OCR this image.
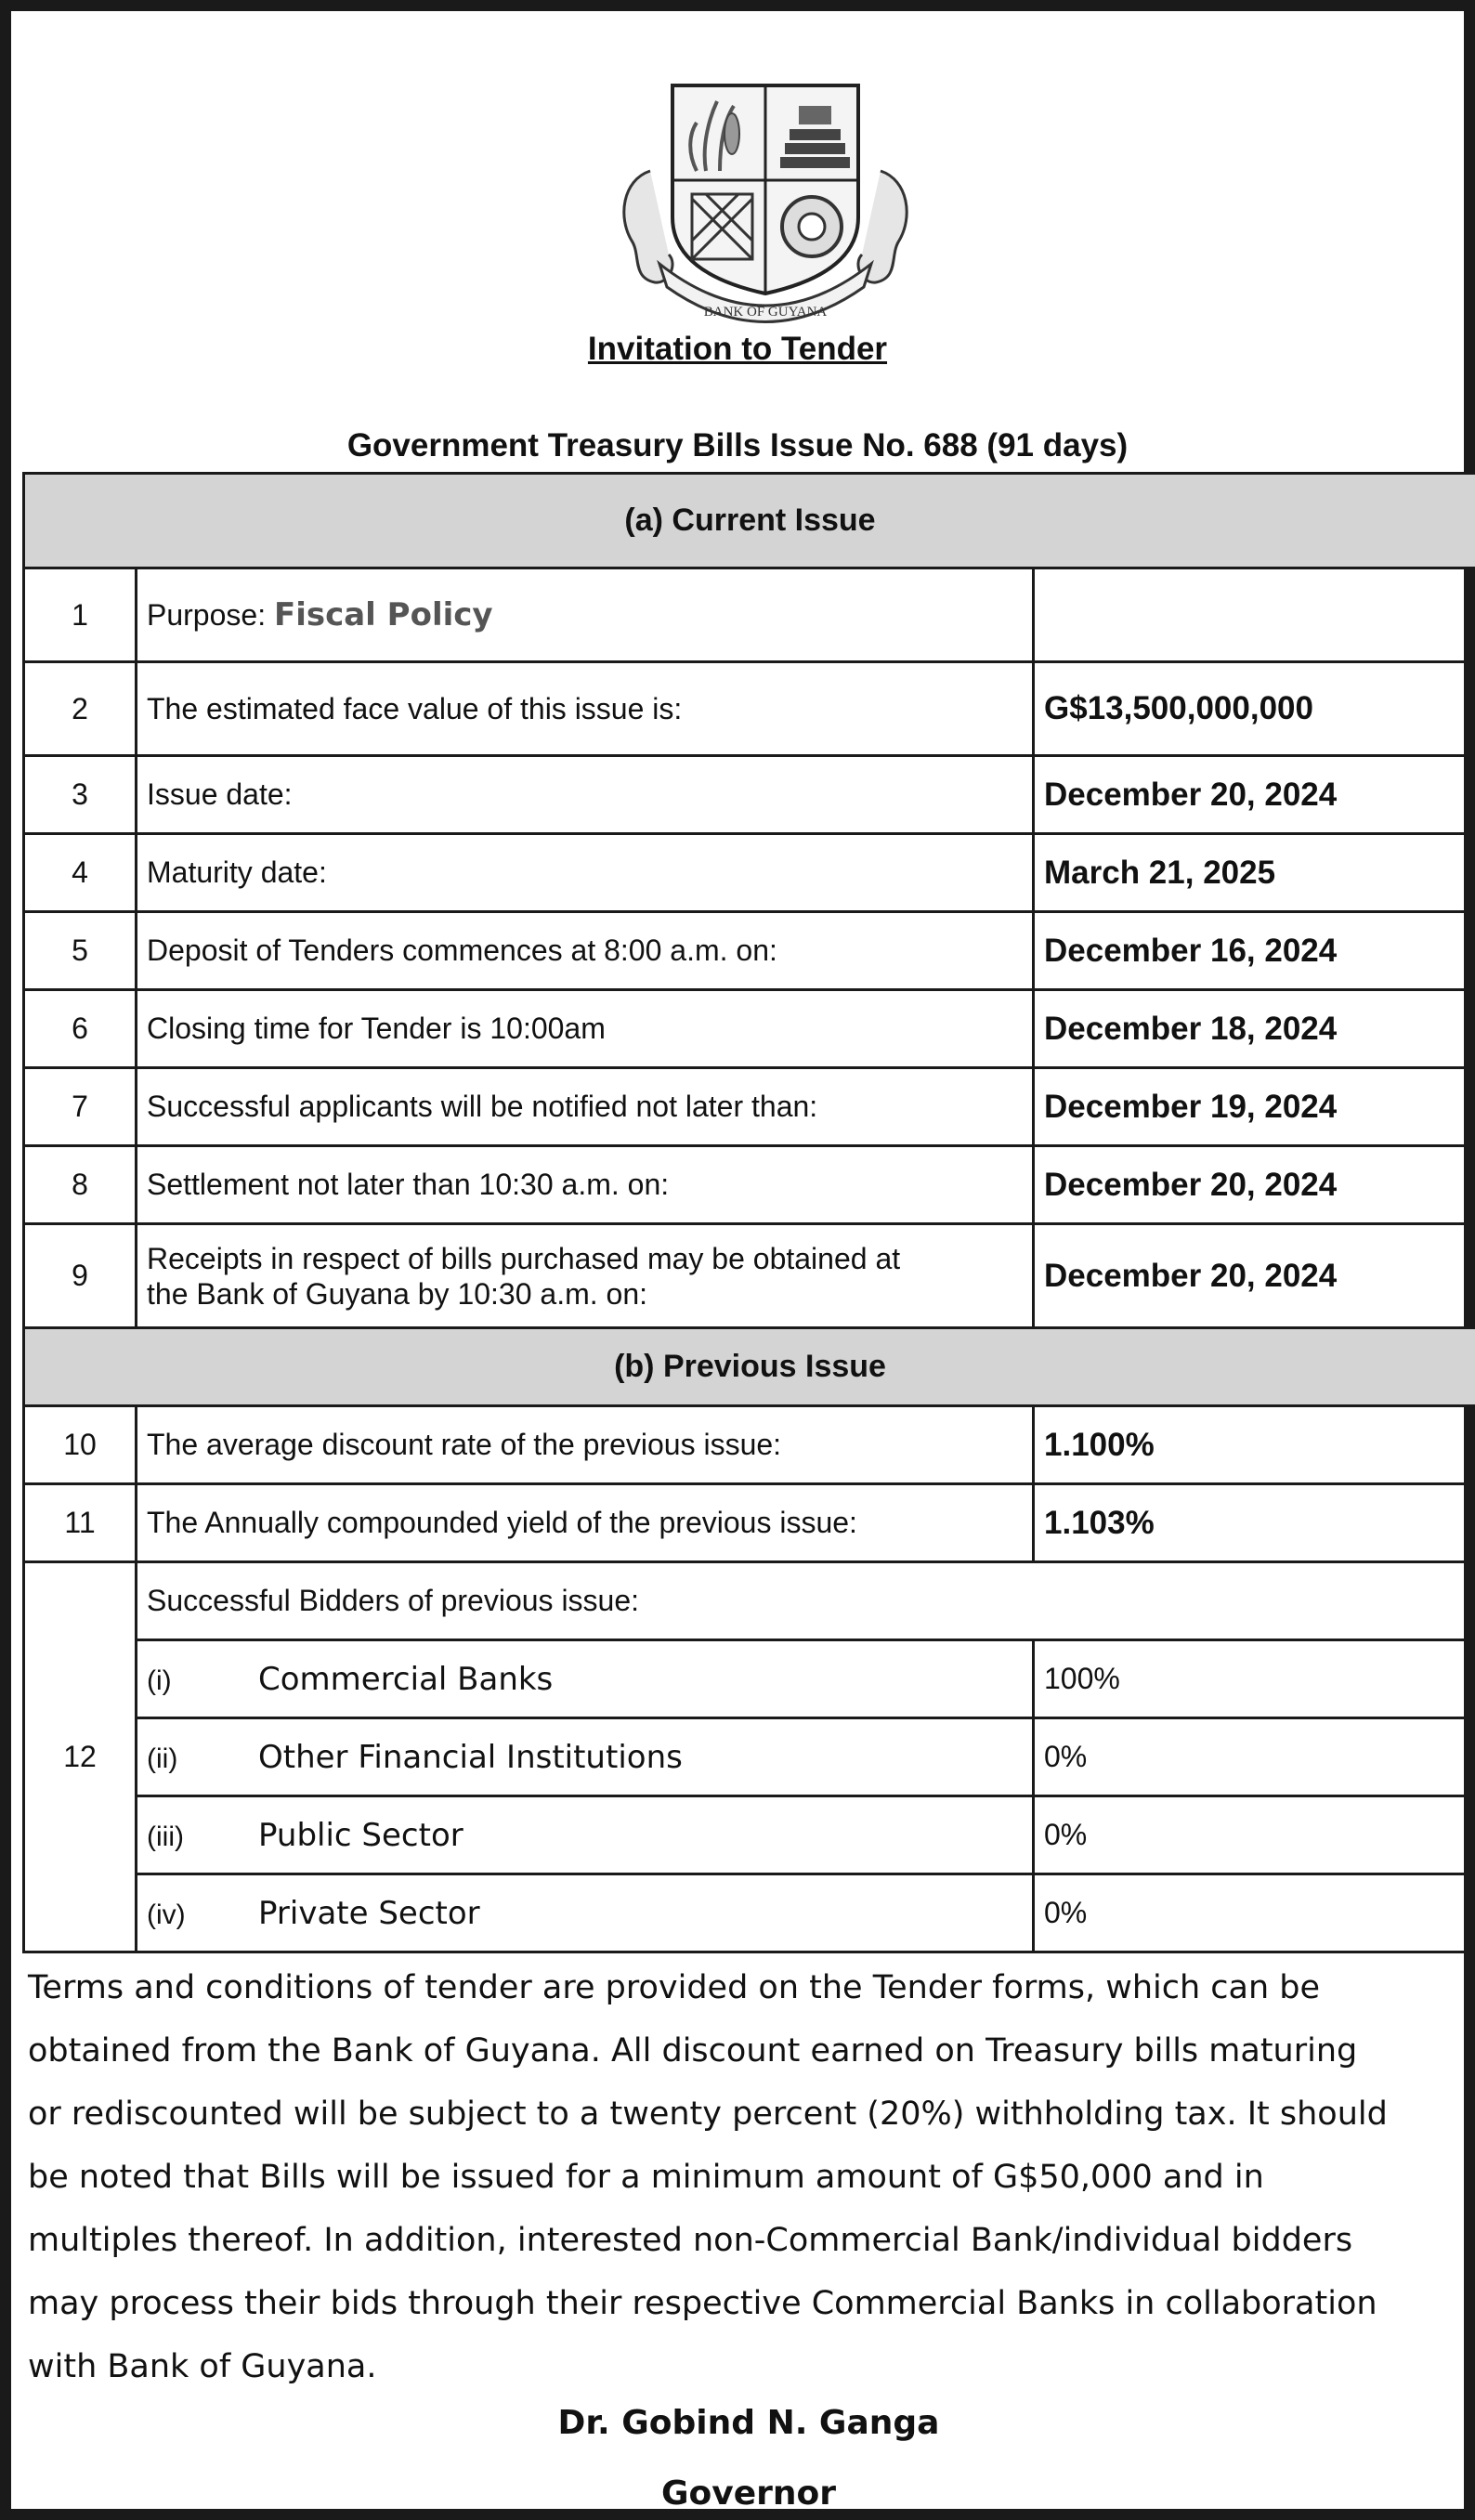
BANK OF GUYANA
Invitation to Tender
Government Treasury Bills Issue No. 688 (91 days)
(a) Current Issue		
1	Purpose: Fiscal Policy	
2	The estimated face value of this issue is:	G$13,500,000,000
3	Issue date:	December 20, 2024
4	Maturity date:	March 21, 2025
5	Deposit of Tenders commences at 8:00 a.m. on:	December 16, 2024
6	Closing time for Tender is 10:00am	December 18, 2024
7	Successful applicants will be notified not later than:	December 19, 2024
8	Settlement not later than 10:30 a.m. on:	December 20, 2024
9	Receipts in respect of bills purchased may be obtained at
the Bank of Guyana by 10:30 a.m. on:	December 20, 2024
(b) Previous Issue		
10	The average discount rate of the previous issue:	1.100%
11	The Annually compounded yield of the previous issue:	1.103%
12	Successful Bidders of previous issue:	
	(i) Commercial Banks	100%
	(ii) Other Financial Institutions	0%
	(iii) Public Sector	0%
	(iv) Private Sector	0%
Terms and conditions of tender are provided on the Tender forms, which can be
obtained from the Bank of Guyana. All discount earned on Treasury bills maturing
or rediscounted will be subject to a twenty percent (20%) withholding tax. It should
be noted that Bills will be issued for a minimum amount of G$50,000 and in
multiples thereof. In addition, interested non-Commercial Bank/individual bidders
may process their bids through their respective Commercial Banks in collaboration
with Bank of Guyana.
Dr. Gobind N. Ganga
Governor
